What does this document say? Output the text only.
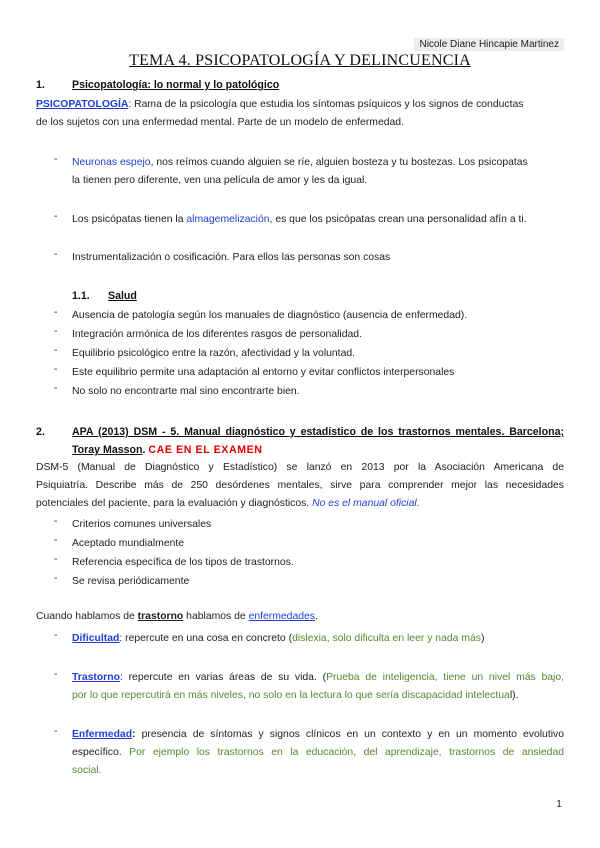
Nicole Diane Hincapie Martinez
TEMA 4. PSICOPATOLOGÍA Y DELINCUENCIA
1.	Psicopatología: lo normal y lo patológico
PSICOPATOLOGÍA: Rama de la psicología que estudia los síntomas psíquicos y los signos de conductas
de los sujetos con una enfermedad mental. Parte de un modelo de enfermedad.
- Neuronas espejo, nos reímos cuando alguien se ríe, alguien bosteza y tu bostezas. Los psicopatas
la tienen pero diferente, ven una película de amor y les da igual.
- Los psicópatas tienen la almagemelización, es que los psicópatas crean una personalidad afín a ti.
- Instrumentalización o cosificación. Para ellos las personas son cosas
1.1. Salud
- Ausencia de patología según los manuales de diagnóstico (ausencia de enfermedad).
- Integración armónica de los diferentes rasgos de personalidad.
- Equilibrio psicológico entre la razón, afectividad y la voluntad.
- Este equilibrio permite una adaptación al entorno y evitar conflictos interpersonales
- No solo no encontrarte mal sino encontrarte bien.
2.	APA (2013) DSM - 5. Manual diagnóstico y estadístico de los trastornos mentales. Barcelona;
Toray Masson. CAE EN EL EXAMEN
DSM-5 (Manual de Diagnóstico y Estadístico) se lanzó en 2013 por la Asociación Americana de
Psiquiatría. Describe más de 250 desórdenes mentales, sirve para comprender mejor las necesidades
potenciales del paciente, para la evaluación y diagnósticos. No es el manual oficial.
- Criterios comunes universales
- Aceptado mundialmente
- Referencia específica de los tipos de trastornos.
- Se revisa periódicamente
Cuando hablamos de trastorno hablamos de enfermedades.
- Dificultad: repercute en una cosa en concreto (dislexia, solo dificulta en leer y nada más)
- Trastorno: repercute en varias áreas de su vida. (Prueba de inteligencia, tiene un nivel más bajo,
por lo que repercutirá en más niveles, no solo en la lectura lo que sería discapacidad intelectual).
- Enfermedad: presencia de síntomas y signos clínicos en un contexto y en un momento evolutivo
específico. Por ejemplo los trastornos en la educación, del aprendizaje, trastornos de ansiedad
social.
1
